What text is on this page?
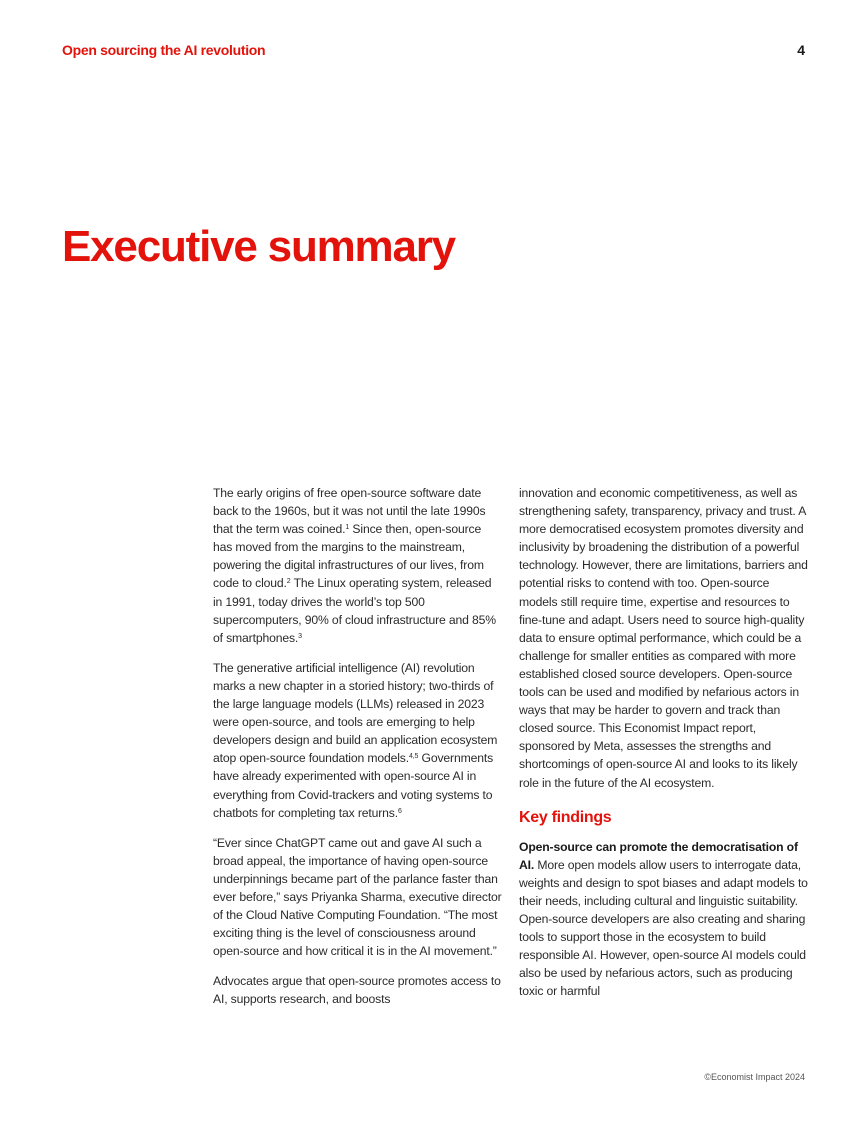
Open sourcing the AI revolution	4
Executive summary

The early origins of free open-source software date back to the 1960s, but it was not until the late 1990s that the term was coined.$^1$ Since then, open-source has moved from the margins to the mainstream, powering the digital infrastructures of our lives, from code to cloud.$^2$ The Linux operating system, released in 1991, today drives the world’s top 500 supercomputers, 90% of cloud infrastructure and 85% of smartphones.$^3$

The generative artificial intelligence (AI) revolution marks a new chapter in a storied history; two-thirds of the large language models (LLMs) released in 2023 were open-source, and tools are emerging to help developers design and build an application ecosystem atop open-source foundation models.$^{4,5}$ Governments have already experimented with open-source AI in everything from Covid-trackers and voting systems to chatbots for completing tax returns.$^6$

“Ever since ChatGPT came out and gave AI such a broad appeal, the importance of having open-source underpinnings became part of the parlance faster than ever before,” says Priyanka Sharma, executive director of the Cloud Native Computing Foundation. “The most exciting thing is the level of consciousness around open-source and how critical it is in the AI movement.”

Advocates argue that open-source promotes access to AI, supports research, and boosts

innovation and economic competitiveness, as well as strengthening safety, transparency, privacy and trust. A more democratised ecosystem promotes diversity and inclusivity by broadening the distribution of a powerful technology. However, there are limitations, barriers and potential risks to contend with too. Open-source models still require time, expertise and resources to fine-tune and adapt. Users need to source high-quality data to ensure optimal performance, which could be a challenge for smaller entities as compared with more established closed source developers. Open-source tools can be used and modified by nefarious actors in ways that may be harder to govern and track than closed source. This Economist Impact report, sponsored by Meta, assesses the strengths and shortcomings of open-source AI and looks to its likely role in the future of the AI ecosystem.

Key findings

Open-source can promote the democratisation of AI. More open models allow users to interrogate data, weights and design to spot biases and adapt models to their needs, including cultural and linguistic suitability. Open-source developers are also creating and sharing tools to support those in the ecosystem to build responsible AI. However, open-source AI models could also be used by nefarious actors, such as producing toxic or harmful

©Economist Impact 2024
